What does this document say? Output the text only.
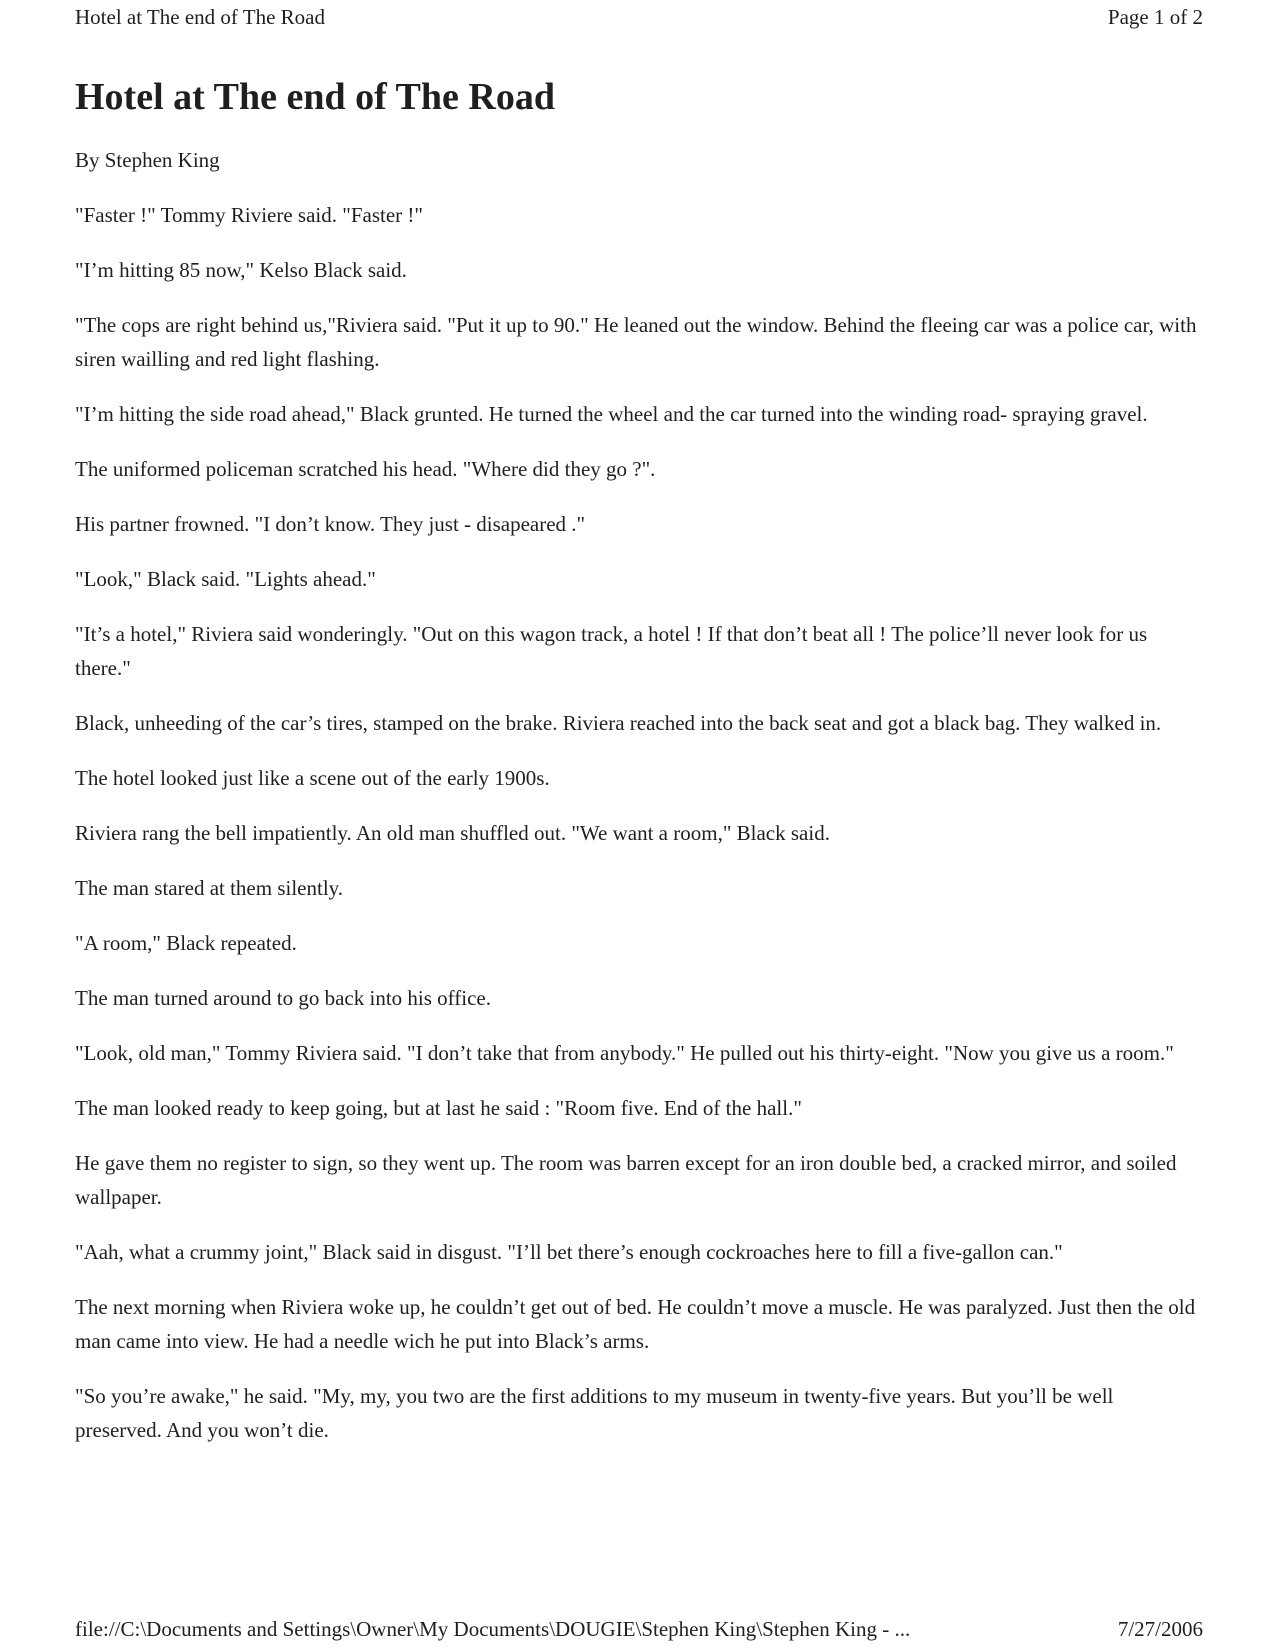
Hotel at The end of The Road	Page 1 of 2
Hotel at The end of The Road

By Stephen King

"Faster !" Tommy Riviere said. "Faster !"

"I’m hitting 85 now," Kelso Black said.

"The cops are right behind us,"Riviera said. "Put it up to 90." He leaned out the window. Behind the fleeing car was a police car, with siren wailling and red light flashing.

"I’m hitting the side road ahead," Black grunted. He turned the wheel and the car turned into the winding road- spraying gravel.

The uniformed policeman scratched his head. "Where did they go ?".

His partner frowned. "I don’t know. They just - disapeared ."

"Look," Black said. "Lights ahead."

"It’s a hotel," Riviera said wonderingly. "Out on this wagon track, a hotel ! If that don’t beat all ! The police’ll never look for us there."

Black, unheeding of the car’s tires, stamped on the brake. Riviera reached into the back seat and got a black bag. They walked in.

The hotel looked just like a scene out of the early 1900s.

Riviera rang the bell impatiently. An old man shuffled out. "We want a room," Black said.

The man stared at them silently.

"A room," Black repeated.

The man turned around to go back into his office.

"Look, old man," Tommy Riviera said. "I don’t take that from anybody." He pulled out his thirty-eight. "Now you give us a room."

The man looked ready to keep going, but at last he said : "Room five. End of the hall."

He gave them no register to sign, so they went up. The room was barren except for an iron double bed, a cracked mirror, and soiled wallpaper.

"Aah, what a crummy joint," Black said in disgust. "I’ll bet there’s enough cockroaches here to fill a five-gallon can."

The next morning when Riviera woke up, he couldn’t get out of bed. He couldn’t move a muscle. He was paralyzed. Just then the old man came into view. He had a needle wich he put into Black’s arms.

"So you’re awake," he said. "My, my, you two are the first additions to my museum in twenty-five years. But you’ll be well preserved. And you won’t die.

file://C:\Documents and Settings\Owner\My Documents\DOUGIE\Stephen King\Stephen King - ...	7/27/2006
